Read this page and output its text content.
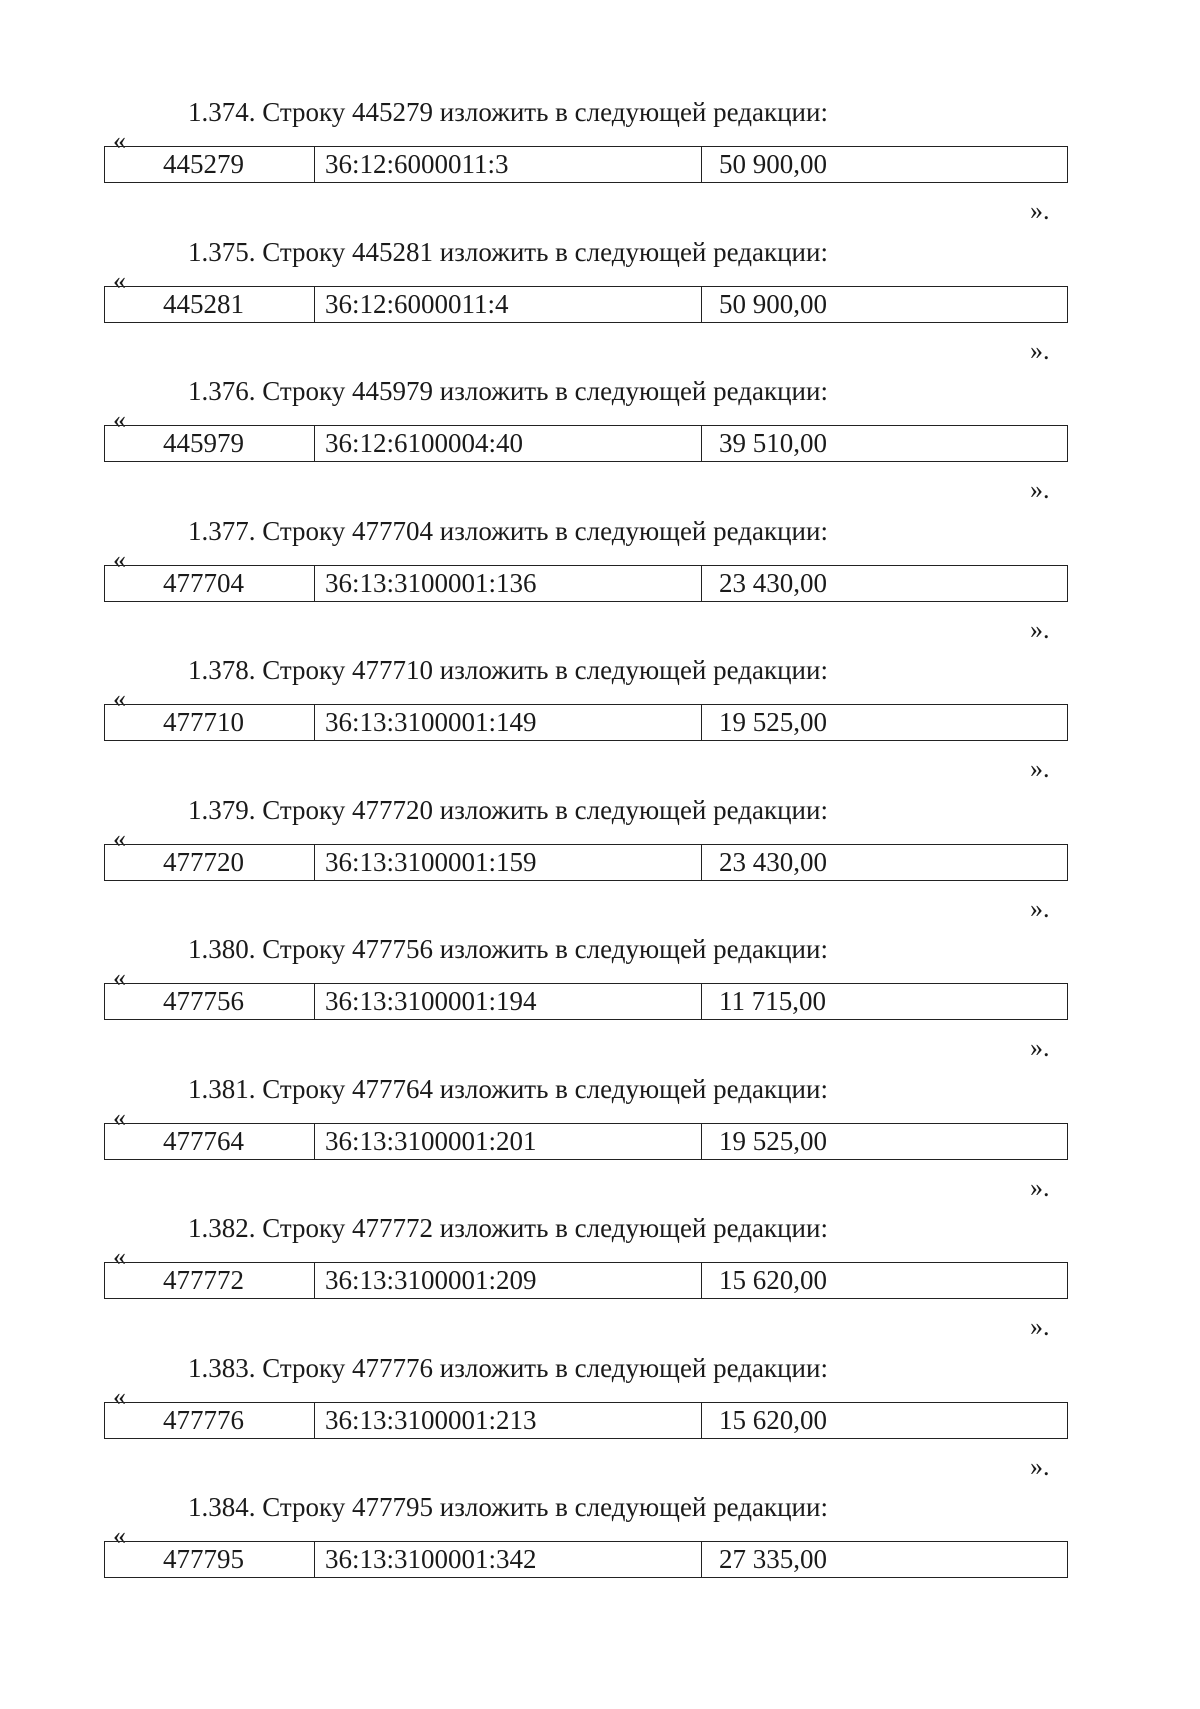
1.374. Строку 445279 изложить в следующей редакции:
«
445279	36:12:6000011:3	50 900,00
».
1.375. Строку 445281 изложить в следующей редакции:
«
445281	36:12:6000011:4	50 900,00
».
1.376. Строку 445979 изложить в следующей редакции:
«
445979	36:12:6100004:40	39 510,00
».
1.377. Строку 477704 изложить в следующей редакции:
«
477704	36:13:3100001:136	23 430,00
».
1.378. Строку 477710 изложить в следующей редакции:
«
477710	36:13:3100001:149	19 525,00
».
1.379. Строку 477720 изложить в следующей редакции:
«
477720	36:13:3100001:159	23 430,00
».
1.380. Строку 477756 изложить в следующей редакции:
«
477756	36:13:3100001:194	11 715,00
».
1.381. Строку 477764 изложить в следующей редакции:
«
477764	36:13:3100001:201	19 525,00
».
1.382. Строку 477772 изложить в следующей редакции:
«
477772	36:13:3100001:209	15 620,00
».
1.383. Строку 477776 изложить в следующей редакции:
«
477776	36:13:3100001:213	15 620,00
».
1.384. Строку 477795 изложить в следующей редакции:
«
477795	36:13:3100001:342	27 335,00
